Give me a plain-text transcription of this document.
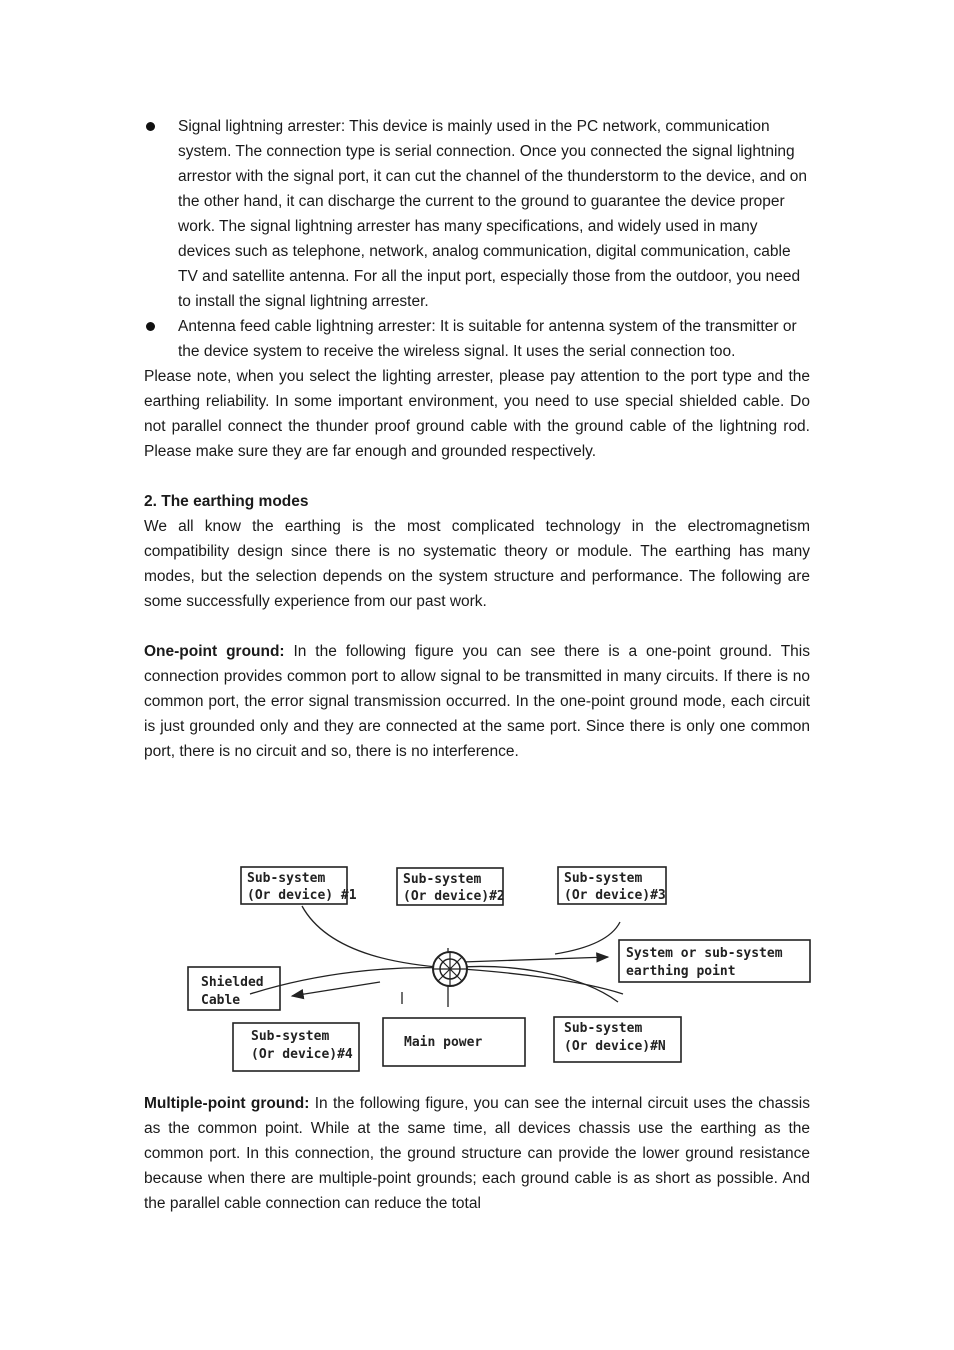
Signal lightning arrester: This device is mainly used in the PC network, communication system. The connection type is serial connection. Once you connected the signal lightning arrestor with the signal port, it can cut the channel of the thunderstorm to the device, and on the other hand, it can discharge the current to the ground to guarantee the device proper work. The signal lightning arrester has many specifications, and widely used in many devices such as telephone, network, analog communication, digital communication, cable TV and satellite antenna. For all the input port, especially those from the outdoor, you need to install the signal lightning arrester.
Antenna feed cable lightning arrester: It is suitable for antenna system of the transmitter or the device system to receive the wireless signal. It uses the serial connection too.

Please note, when you select the lighting arrester, please pay attention to the port type and the earthing reliability. In some important environment, you need to use special shielded cable. Do not parallel connect the thunder proof ground cable with the ground cable of the lightning rod. Please make sure they are far enough and grounded respectively.

2. The earthing modes

We all know the earthing is the most complicated technology in the electromagnetism compatibility design since there is no systematic theory or module. The earthing has many modes, but the selection depends on the system structure and performance. The following are some successfully experience from our past work.

One-point ground: In the following figure you can see there is a one-point ground. This connection provides common port to allow signal to be transmitted in many circuits. If there is no common port, the error signal transmission occurred. In the one-point ground mode, each circuit is just grounded only and they are connected at the same port. Since there is only one common port, there is no circuit and so, there is no interference.

Sub-system
(Or device) #1
Sub-system
(Or device)#2
Sub-system
(Or device)#3
System or sub-system
earthing point
Shielded
Cable
Sub-system
(Or device)#4
Main power
Sub-system
(Or device)#N

Multiple-point ground: In the following figure, you can see the internal circuit uses the chassis as the common point. While at the same time, all devices chassis use the earthing as the common port. In this connection, the ground structure can provide the lower ground resistance because when there are multiple-point grounds; each ground cable is as short as possible. And the parallel cable connection can reduce the total
